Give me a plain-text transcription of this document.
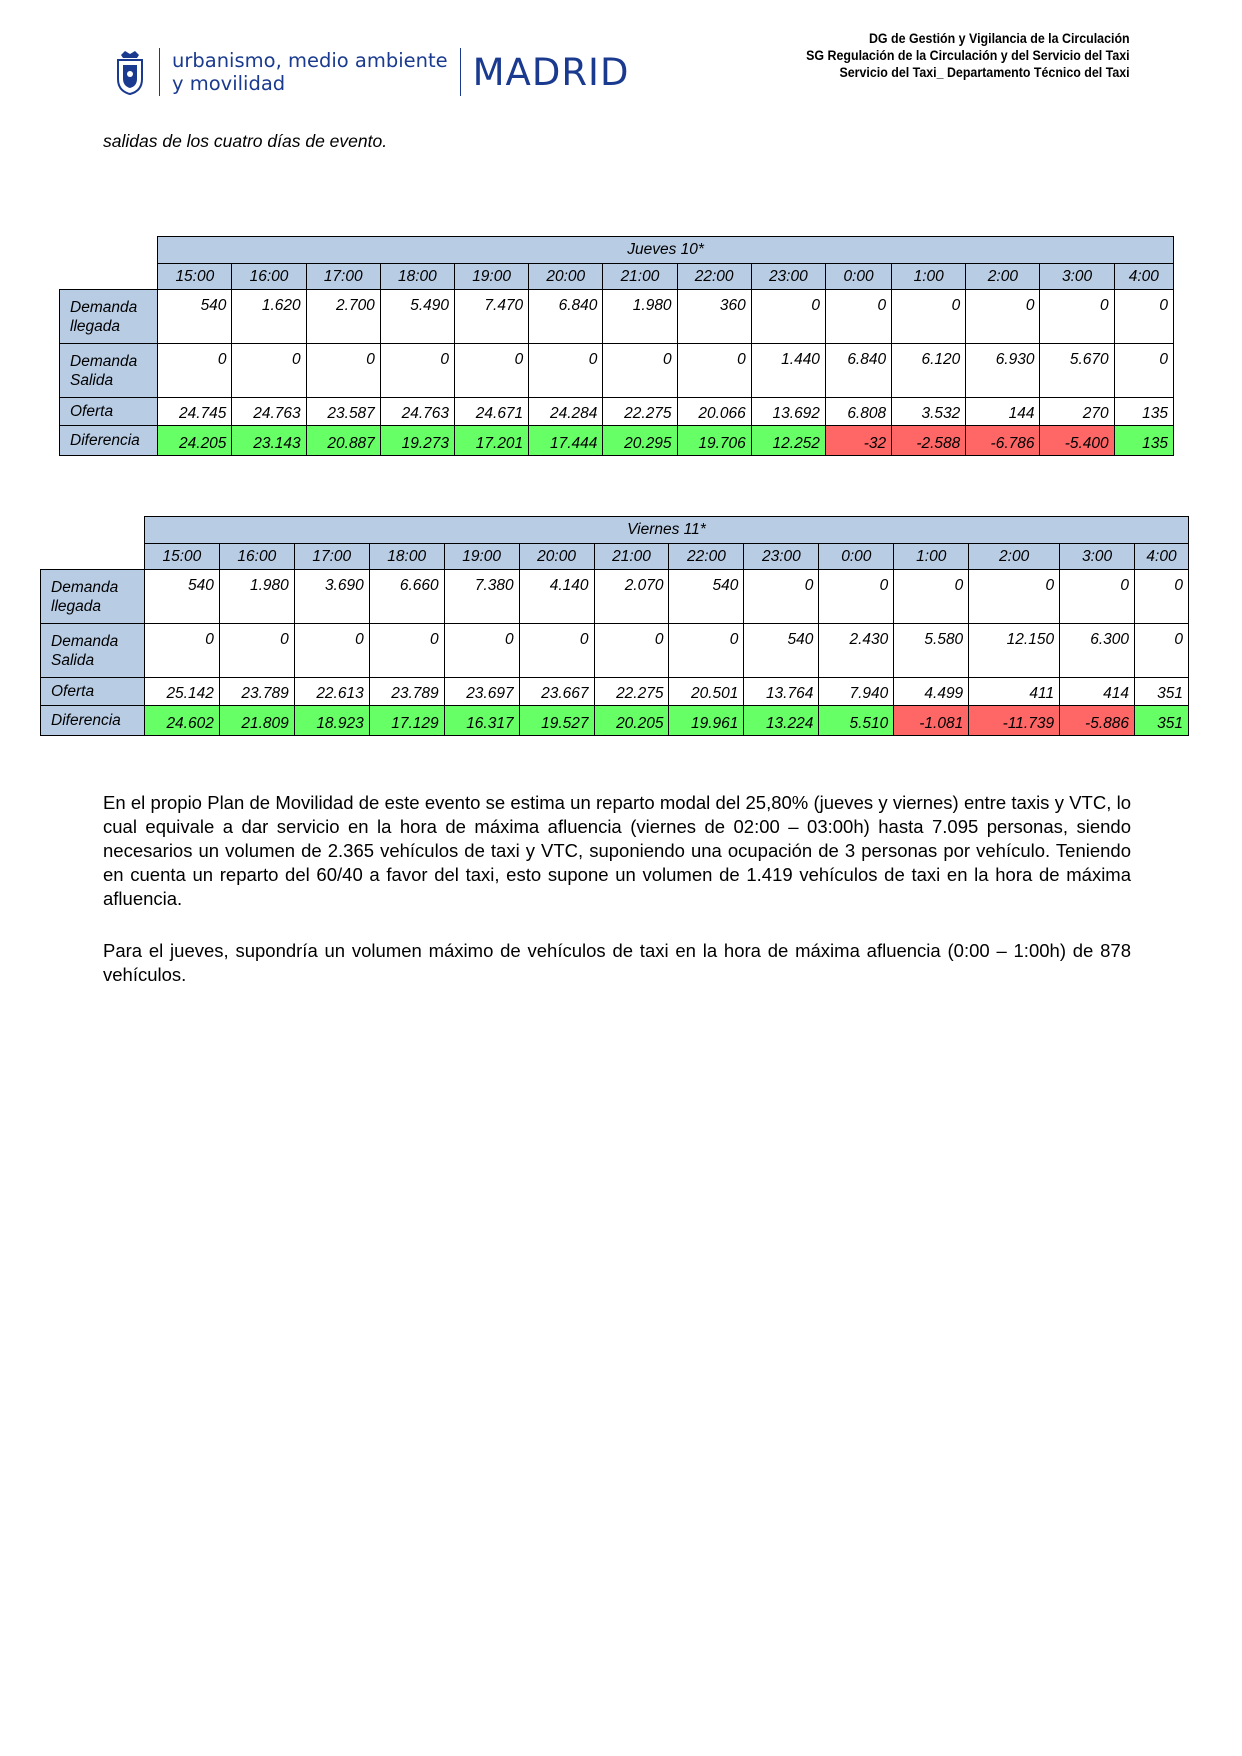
urbanismo, medio ambiente
y movilidad	MADRID
DG de Gestión y Vigilancia de la Circulación
SG Regulación de la Circulación y del Servicio del Taxi
Servicio del Taxi_ Departamento Técnico del Taxi
salidas de los cuatro días de evento.
	Jueves 10*													
	15:00	16:00	17:00	18:00	19:00	20:00	21:00	22:00	23:00	0:00	1:00	2:00	3:00	4:00

Demanda
llegada	540	1.620	2.700	5.490	7.470	6.840	1.980	360	0	0	0	0	0	0

Demanda
Salida	0	0	0	0	0	0	0	0	1.440	6.840	6.120	6.930	5.670	0
Oferta	24.745	24.763	23.587	24.763	24.671	24.284	22.275	20.066	13.692	6.808	3.532	144	270	135
Diferencia	24.205	23.143	20.887	19.273	17.201	17.444	20.295	19.706	12.252	-32	-2.588	-6.786	-5.400	135
	Viernes 11*													
	15:00	16:00	17:00	18:00	19:00	20:00	21:00	22:00	23:00	0:00	1:00	2:00	3:00	4:00

Demanda
llegada	540	1.980	3.690	6.660	7.380	4.140	2.070	540	0	0	0	0	0	0

Demanda
Salida	0	0	0	0	0	0	0	0	540	2.430	5.580	12.150	6.300	0
Oferta	25.142	23.789	22.613	23.789	23.697	23.667	22.275	20.501	13.764	7.940	4.499	411	414	351
Diferencia	24.602	21.809	18.923	17.129	16.317	19.527	20.205	19.961	13.224	5.510	-1.081	-11.739	-5.886	351

En el propio Plan de Movilidad de este evento se estima un reparto modal del 25,80% (jueves y viernes) entre taxis y VTC, lo cual equivale a dar servicio en la hora de máxima afluencia (viernes de 02:00 – 03:00h) hasta 7.095 personas, siendo necesarios un volumen de 2.365 vehículos de taxi y VTC, suponiendo una ocupación de 3 personas por vehículo. Teniendo en cuenta un reparto del 60/40 a favor del taxi, esto supone un volumen de 1.419 vehículos de taxi en la hora de máxima afluencia.

Para el jueves, supondría un volumen máximo de vehículos de taxi en la hora de máxima afluencia (0:00 – 1:00h) de 878 vehículos.
